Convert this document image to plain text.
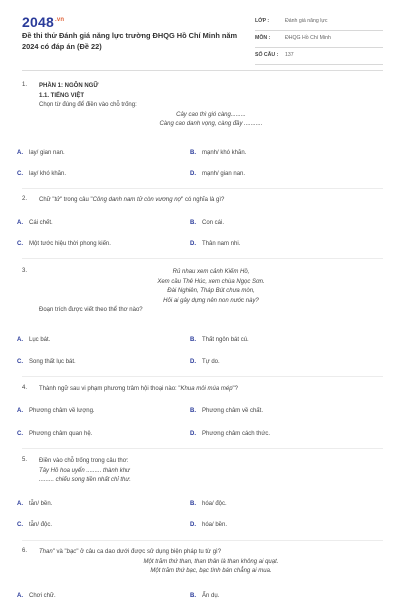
$2048^{.vn}$
Đề thi thử Đánh giá năng lực trường ĐHQG Hồ Chí Minh năm 2024 có đáp án (Đề 22)
LỚP :	Đánh giá năng lực
MÔN :	ĐHQG Hồ Chí Minh
SỐ CÂU : 137
1. PHẦN 1: NGÔN NGỮ
1.1. TIẾNG VIỆT
Chọn từ đúng để điền vào chỗ trống:
Cây cao thì gió càng.........
Càng cao danh vọng, càng đầy ...........
A. lay/ gian nan.	B. mạnh/ khó khăn.
C. lay/ khó khăn.	D. mạnh/ gian nan.
2. Chữ "tử" trong câu "Công danh nam tử còn vương nợ" có nghĩa là gì?
A. Cái chết.	B. Con cái.
C. Một tước hiệu thời phong kiến.	D. Thân nam nhi.
3.	Rủ nhau xem cảnh Kiếm Hồ,
Xem cầu Thê Húc, xem chùa Ngọc Sơn.
Đài Nghiên, Tháp Bút chưa mòn,
Hỏi ai gây dựng nên non nước này?
Đoạn trích được viết theo thể thơ nào?
A. Lục bát.	B. Thất ngôn bát cú.
C. Song thất lục bát.	D. Tự do.
4. Thành ngữ sau vi phạm phương trâm hội thoại nào: "Khua môi múa mép"?
A. Phương châm về lượng.	B. Phương châm về chất.
C. Phương châm quan hệ.	D. Phương châm cách thức.
5. Điền vào chỗ trống trong câu thơ:
Tây Hồ hoa uyển ......... thành khư
......... chiếu song tiền nhất chỉ thư.
A. tẫn/ bền.	B. hóa/ độc.
C. tẫn/ độc.	D. hóa/ bền.
6. Than" và "bạc" ở câu ca dao dưới được sử dụng biện pháp tu từ gì?
Một trăm thứ than, than thân là than không ai quạt.
Một trăm thứ bạc, bạc tình bán chẳng ai mua.
A. Chơi chữ.	B. Ẩn dụ.
